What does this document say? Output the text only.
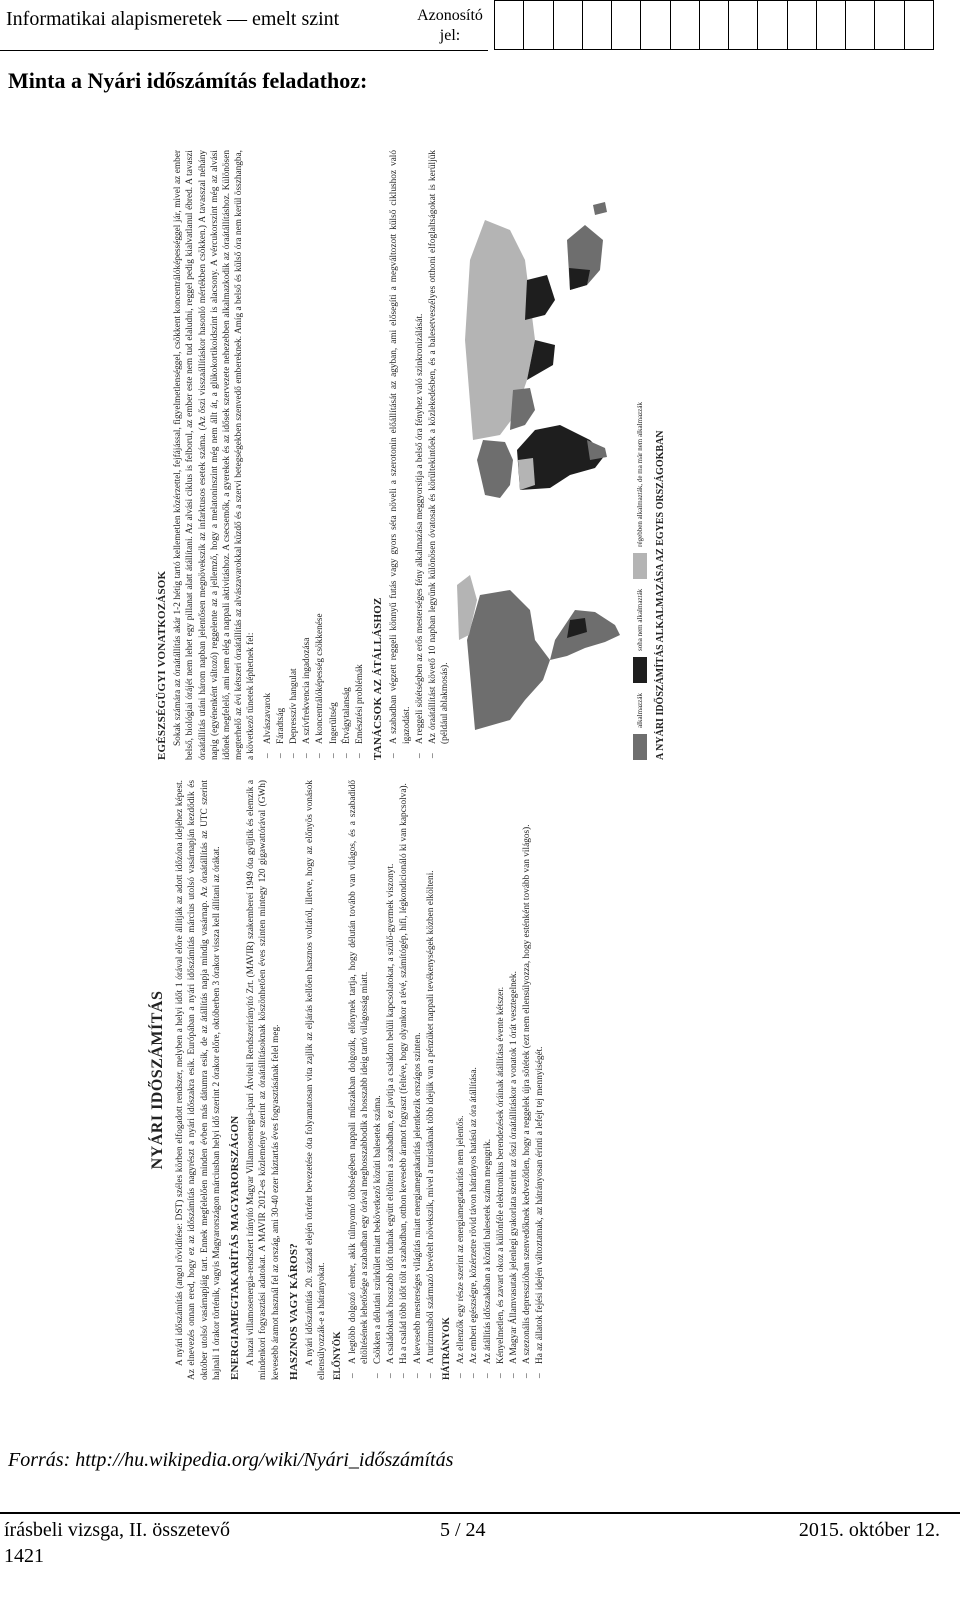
Informatikai alapismeretek — emelt szint	Azonosító jel:
Minta a Nyári időszámítás feladathoz:
NYÁRI IDŐSZÁMÍTÁS A nyári időszámítás (angol rövidítése: DST) széles körben elfogadott rendszer, melyben a helyi időt 1 órával előre állítják az adott időzóna idejéhez képest. Az elnevezés onnan ered, hogy ez az időszámítás nagyrészt a nyári időszakra esik. Európában a nyári időszámítás március utolsó vasárnapján kezdődik és október utolsó vasárnapjáig tart. Ennek megfelelően minden évben más dátumra esik, de az átállítás napja mindig vasárnap. Az óraátállítás az UTC szerint hajnali 1 órakor történik, vagyis Magyarországon márciusban helyi idő szerint 2 órakor előre, októberben 3 órakor vissza kell állítani az órákat. ENERGIAMEGTAKARÍTÁS MAGYARORSZÁGON A hazai villamosenergia-rendszert irányító Magyar Villamosenergia-ipari Átviteli Rendszerirányító Zrt. (MAVIR) szakembereí 1949 óta gyűjtik és elemzik a mindenkori fogyasztási adatokat. A MAVIR 2012-es közleménye szerint az óraátállításoknak köszönhetően éves szinten mintegy 120 gigawattórával (GWh) kevesebb áramot használ fel az ország, ami 30-40 ezer háztartás éves fogyasztásának felel meg. HASZNOS VAGY KÁROS? A nyári időszámítás 20. század elején történt bevezetése óta folyamatosan vita zajlik az eljárás kellően hasznos voltáról, illetve, hogy az előnyös vonások ellensúlyozzák-e a hátrányokat. ELŐNYÖK – A legtöbb dolgozó ember, akik túlnyomó többségében nappali műszakban dolgozik, előnynek tartja, hogy délután tovább van világos, és a szabadidő eltöltésének lehetősége a szabadban egy órával meghosszabbodik a hosszabb ideig tartó világosság miatt. – Csökken a délutáni szürkület miatt bekövetkező közúti balesetek száma. – A családoknak hosszabb időt tudnak együtt eltölteni a szabadban, ez javítja a családon belüli kapcsolatokat, a szülő-gyermek viszonyt. – Ha a család több időt tölt a szabadban, otthon kevesebb áramot fogyaszt (feltéve, hogy olyankor a tévé, számítógép, hifi, légkondicionáló ki van kapcsolva). – A kevesebb mesterséges világítás miatt energiamegtakarítás jelentkezik országos szinten. – A turizmusból származó bevételt növekszik, mivel a turistáknak több idejük van a pénzüket nappali tevékenységek közben elkölteni. HÁTRÁNYOK – Az ellenzők egy része szerint az energiamegtakarítás nem jelentős. – Az emberi egészségre, közérzetre rövid távon hátrányos hatású az óra átállítása. – Az átállítás időszakában a közúti balesetek száma megugrik. – Kényelmetlen, és zavart okoz a különféle elektronikus berendezések óráinak átállítása évente kétszer. – A Magyar Államvasutak jelenlegi gyakorlata szerint az őszi óraátállításkor a vonatok 1 órát vesztegelnek. – A szezonális depresszióban szenvedőknek kedvezőtlen, hogy a reggelek újra sötétek (ezt nem ellensúlyozza, hogy esténként tovább van világos). – Ha az állatok fejési idején változtatnak, az hátrányosan érinti a lefejt tej mennyiségét.
EGÉSZSÉGÜGYI VONATKOZÁSOK Sokak számára az óraátállítás akár 1-2 hétig tartó kellemetlen közérzettel, fejfájással, figyelmetlenséggel, csökkent koncentrálóképességgel jár, mivel az ember belső, biológiai órájét nem lehet egy pillanat alatt átállítani. Az alvási ciklus is felborul, az ember este nem tud elaludni, reggel pedig kialvatlanul ébred. A tavaszi óraátállítás utáni három napban jelentősen megnövekszik az infarktusos esetek száma. (Az őszi visszaállításkor hasonló mértékben csökken.) A tavasszal néhány napig (egyénenként változó) reggelente az a jellemző, hogy a melatoninszint még nem állt át, a glükokortikoidszint is alacsony. A vércukorszint még az alvási időnek megfelelő, ami nem elég a nappali aktivitáshoz. A csecsemők, a gyerekek és az idősek szervezete nehezebben alkalmazkodik az óraátállításhoz. Különösen megterhelő az évi kétszeri óraátállítás az alvászavarokkal küzdő és a szervi betegségekben szenvedő embereknek. Amíg a belső és külső óra nem kerül összhangba, a következő tünetek léphetnek fel: – Alvászavarok – Fáradtság – Depresszív hangulat – A szívfrekvencia ingadozása – A koncentrálóképesség csökkenése – Ingerültség – Étvágytalanság – Emésztési problémák TANÁCSOK AZ ÁTÁLLÁSHOZ – A szabadban végzett reggeli könnyű futás vagy gyors séta növeli a szerotonin előállítását az agyban, ami elősegíti a megváltozott külső ciklushoz való igazodást. – A reggeli sötétségben az erős mesterséges fény alkalmazása meggyorsítja a belső óra fényhez való szinkronizálását. – Az óraátállítást követő 10 napban legyünk különösen óvatosak és körültekintőek a közlekedésben, és a balesetveszélyes otthoni elfoglaltságokat is kerüljük (például ablakmosás).	alkalmazzák
soha nem alkalmazták
régebben alkalmazták, de ma már nem alkalmazzák A NYÁRI IDŐSZÁMÍTÁS ALKALMAZÁSA AZ EGYES ORSZÁGOKBAN
Forrás: http://hu.wikipedia.org/wiki/Nyári_időszámítás
írásbeli vizsga, II. összetevő
1421
5 / 24	2015. október 12.
